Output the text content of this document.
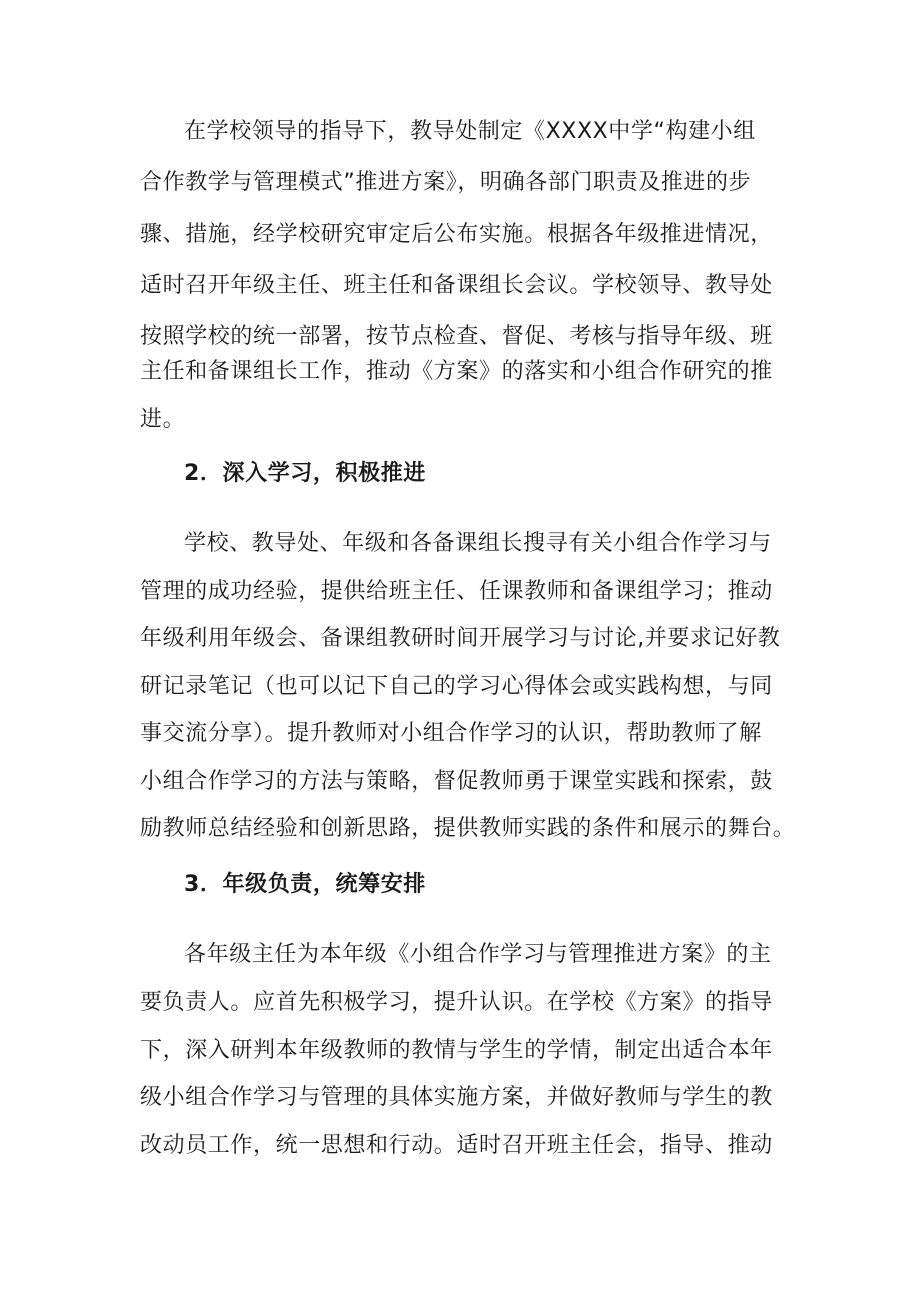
在学校领导的指导下，教导处制定《XXXX中学“构建小组
合作教学与管理模式”推进方案》，明确各部门职责及推进的步
骤、措施，经学校研究审定后公布实施。根据各年级推进情况，
适时召开年级主任、班主任和备课组长会议。学校领导、教导处
按照学校的统一部署，按节点检查、督促、考核与指导年级、班
主任和备课组长工作，推动《方案》的落实和小组合作研究的推
进。
2．深入学习，积极推进
学校、教导处、年级和各备课组长搜寻有关小组合作学习与
管理的成功经验，提供给班主任、任课教师和备课组学习；推动
年级利用年级会、备课组教研时间开展学习与讨论,并要求记好教
研记录笔记（也可以记下自己的学习心得体会或实践构想，与同
事交流分享）。提升教师对小组合作学习的认识，帮助教师了解
小组合作学习的方法与策略，督促教师勇于课堂实践和探索，鼓
励教师总结经验和创新思路，提供教师实践的条件和展示的舞台。
3．年级负责，统筹安排
各年级主任为本年级《小组合作学习与管理推进方案》的主
要负责人。应首先积极学习，提升认识。在学校《方案》的指导
下，深入研判本年级教师的教情与学生的学情，制定出适合本年
级小组合作学习与管理的具体实施方案，并做好教师与学生的教
改动员工作，统一思想和行动。适时召开班主任会，指导、推动
